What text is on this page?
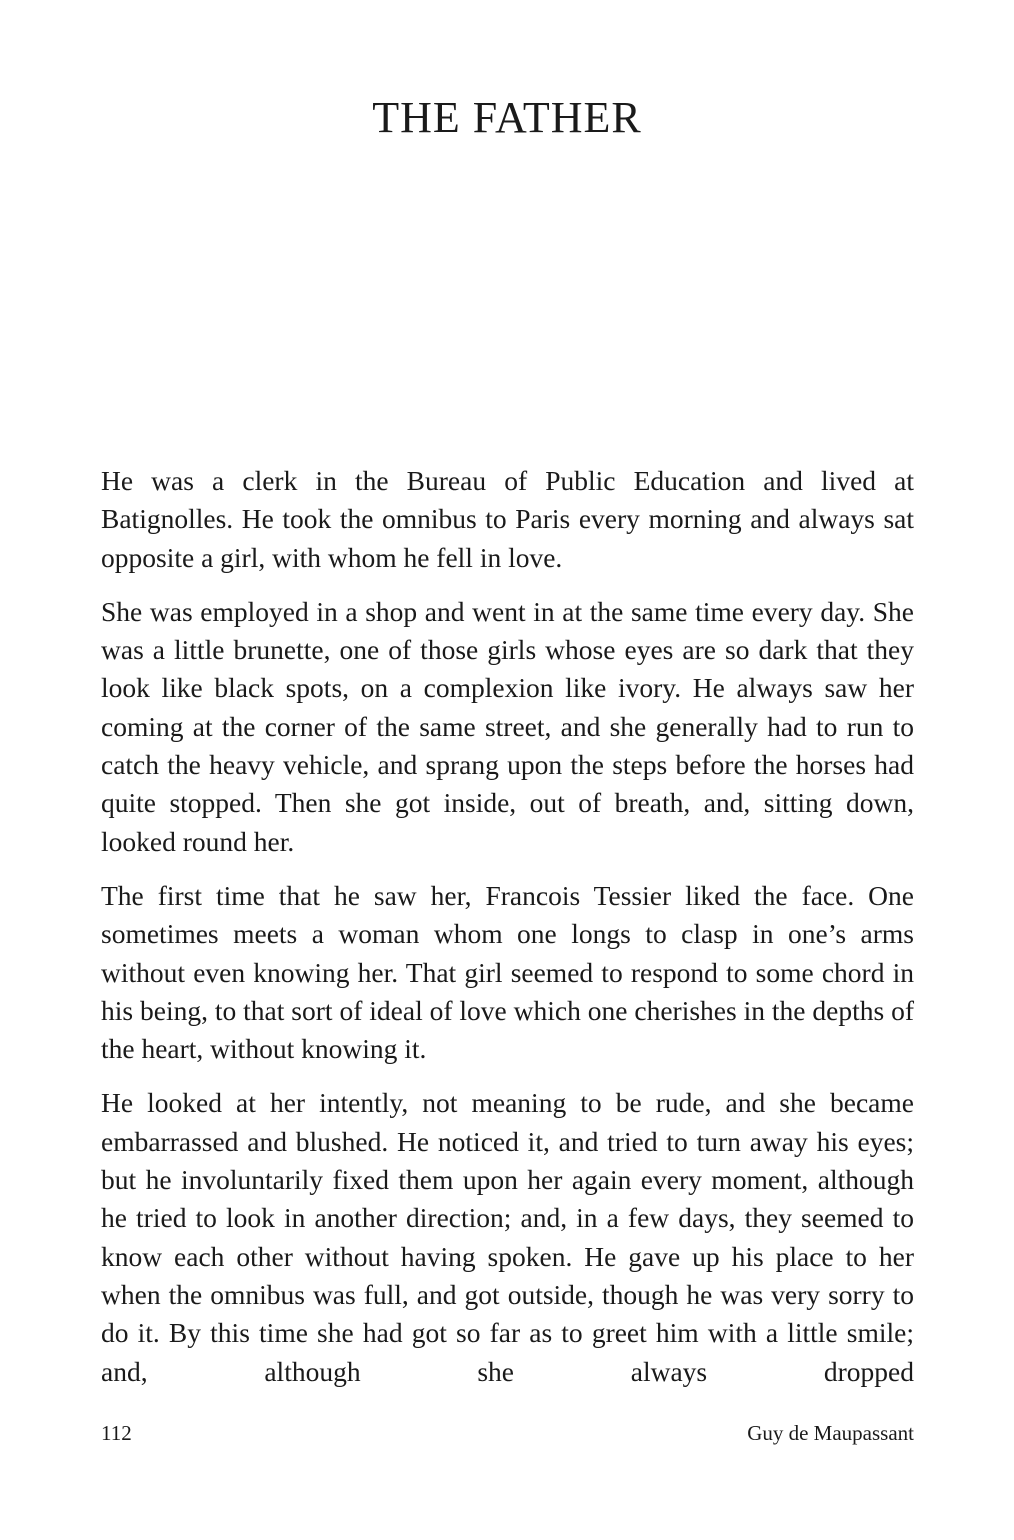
THE FATHER

He was a clerk in the Bureau of Public Education and lived at Batignolles. He took the omnibus to Paris every morning and always sat opposite a girl, with whom he fell in love.

She was employed in a shop and went in at the same time every day. She was a little brunette, one of those girls whose eyes are so dark that they look like black spots, on a complexion like ivory. He always saw her coming at the corner of the same street, and she generally had to run to catch the heavy vehicle, and sprang upon the steps before the horses had quite stopped. Then she got inside, out of breath, and, sitting down, looked round her.

The first time that he saw her, Francois Tessier liked the face. One sometimes meets a woman whom one longs to clasp in one’s arms without even knowing her. That girl seemed to respond to some chord in his being, to that sort of ideal of love which one cherishes in the depths of the heart, without knowing it.

He looked at her intently, not meaning to be rude, and she became embarrassed and blushed. He noticed it, and tried to turn away his eyes; but he involuntarily fixed them upon her again every moment, although he tried to look in another direction; and, in a few days, they seemed to know each other without having spoken. He gave up his place to her when the omnibus was full, and got outside, though he was very sorry to do it. By this time she had got so far as to greet him with a little smile; and, although she always dropped

112	Guy de Maupassant
